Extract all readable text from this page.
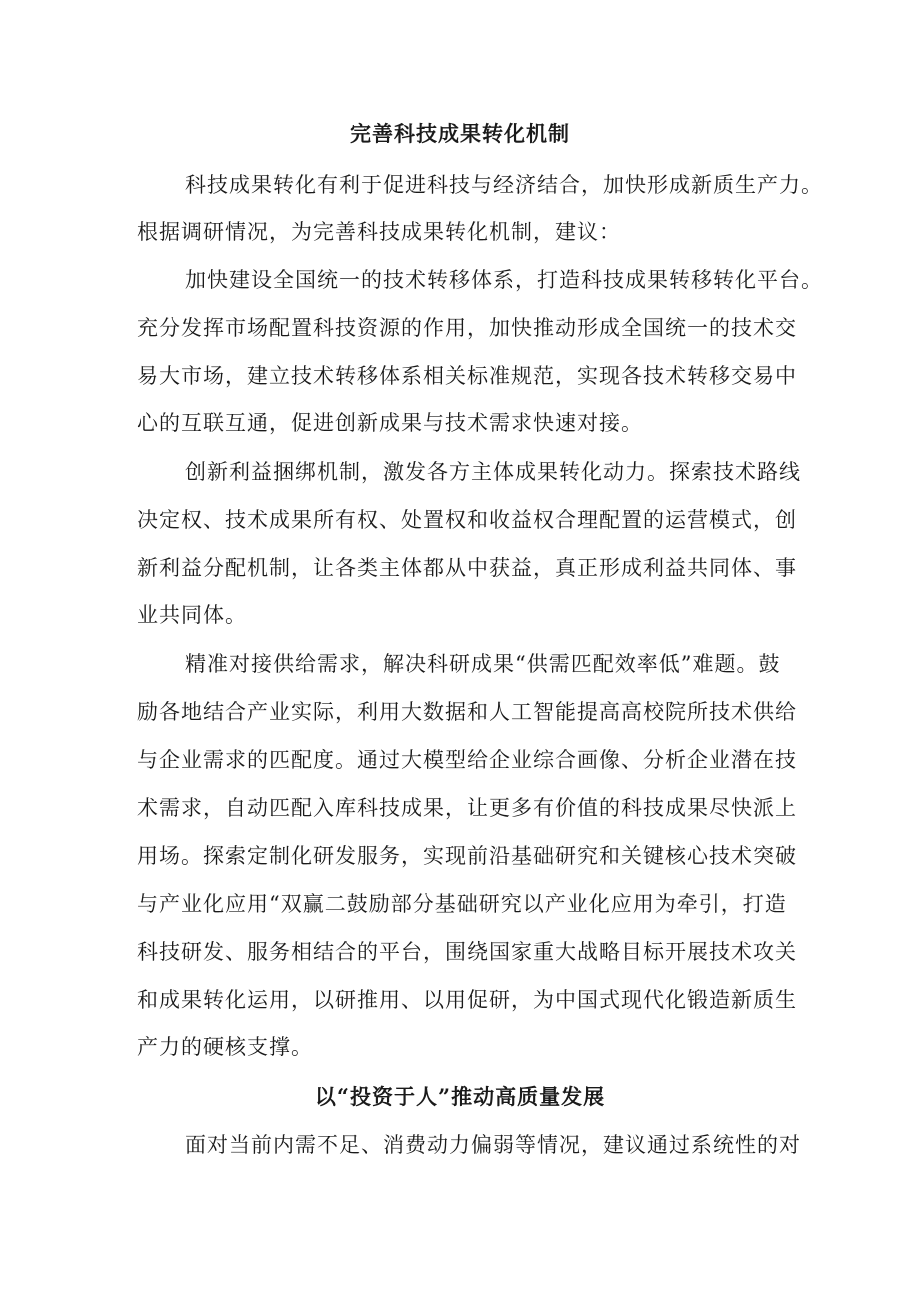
完善科技成果转化机制
科技成果转化有利于促进科技与经济结合，加快形成新质生产力。
根据调研情况，为完善科技成果转化机制，建议：
加快建设全国统一的技术转移体系，打造科技成果转移转化平台。
充分发挥市场配置科技资源的作用，加快推动形成全国统一的技术交
易大市场，建立技术转移体系相关标准规范，实现各技术转移交易中
心的互联互通，促进创新成果与技术需求快速对接。
创新利益捆绑机制，激发各方主体成果转化动力。探索技术路线
决定权、技术成果所有权、处置权和收益权合理配置的运营模式，创
新利益分配机制，让各类主体都从中获益，真正形成利益共同体、事
业共同体。
精准对接供给需求，解决科研成果“供需匹配效率低”难题。鼓
励各地结合产业实际，利用大数据和人工智能提高高校院所技术供给
与企业需求的匹配度。通过大模型给企业综合画像、分析企业潜在技
术需求，自动匹配入库科技成果，让更多有价值的科技成果尽快派上
用场。探索定制化研发服务，实现前沿基础研究和关键核心技术突破
与产业化应用“双赢二鼓励部分基础研究以产业化应用为牵引，打造
科技研发、服务相结合的平台，围绕国家重大战略目标开展技术攻关
和成果转化运用，以研推用、以用促研，为中国式现代化锻造新质生
产力的硬核支撑。
以“投资于人”推动高质量发展
面对当前内需不足、消费动力偏弱等情况，建议通过系统性的对
